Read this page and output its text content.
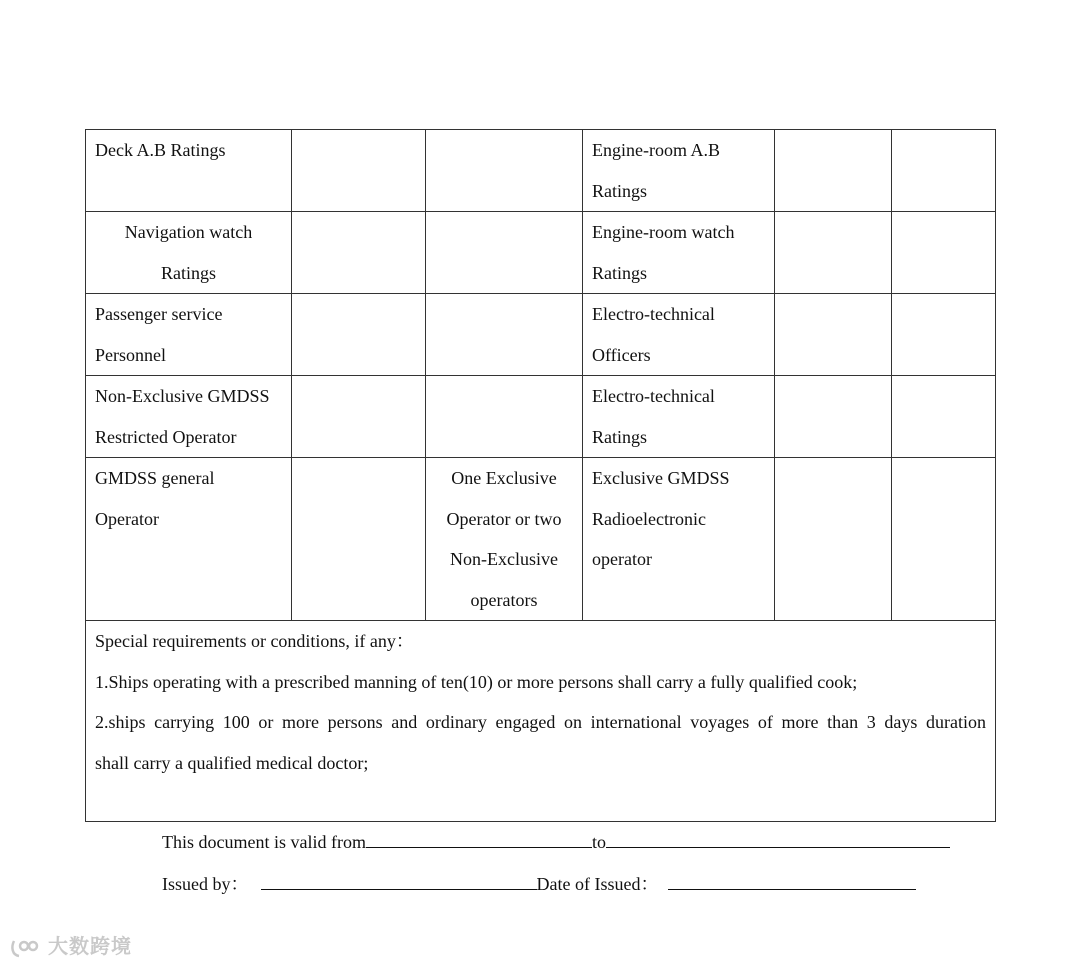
Deck A.B Ratings			Engine-room A.B Ratings		

Navigation watch Ratings			Engine-room watch Ratings		

Passenger service Personnel			Electro-technical Officers		

Non-Exclusive GMDSS Restricted Operator			Electro-technical Ratings		

GMDSS general Operator		One Exclusive Operator or two Non-Exclusive operators	Exclusive GMDSS Radioelectronic operator		

Special requirements or conditions, if any：

1.Ships operating with a prescribed manning of ten(10) or more persons shall carry a fully qualified cook;

2.ships carrying 100 or more persons and ordinary engaged on international voyages of more than 3 days duration

shall carry a qualified medical doctor;					

This document is valid from	to
Issued by：	Date of Issued：
大数跨境
